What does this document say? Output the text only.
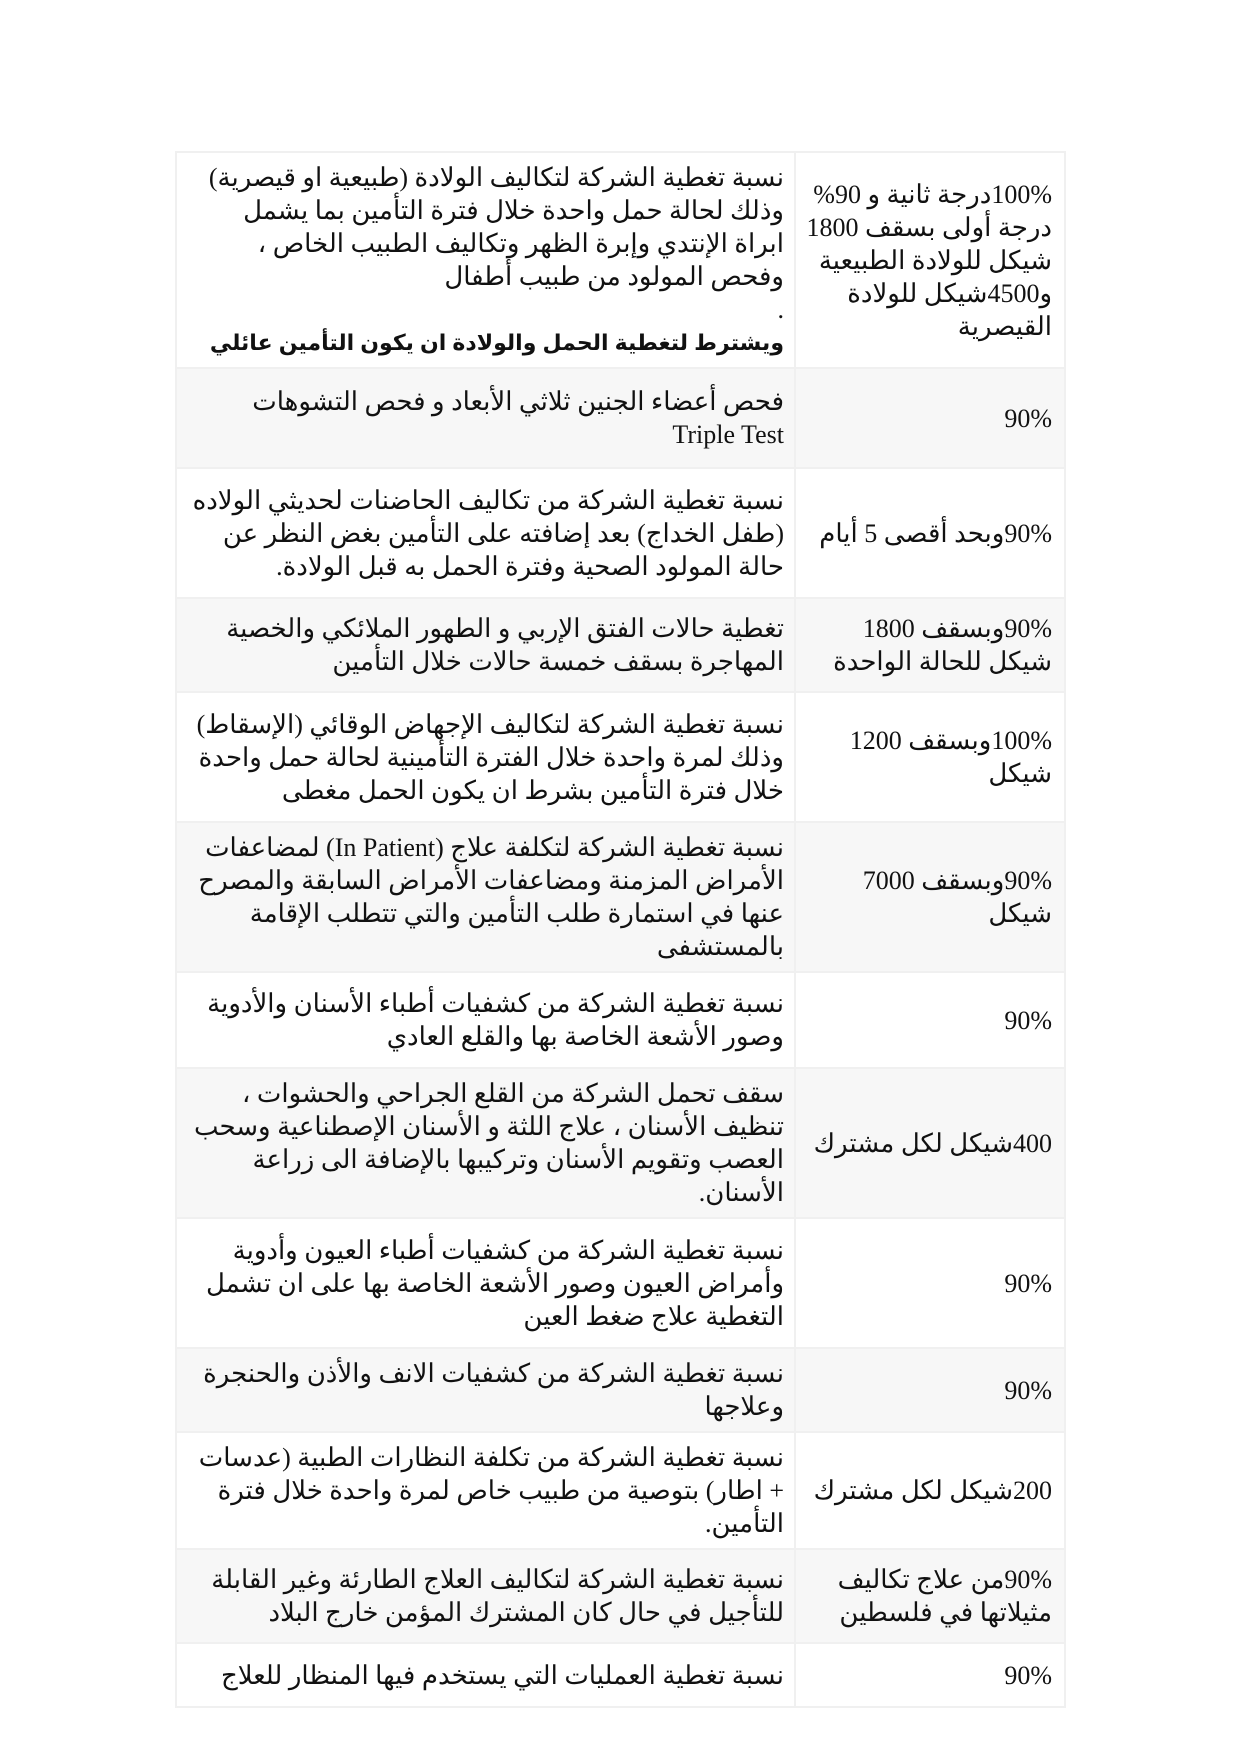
100%درجة ثانية و 90% درجة أولى بسقف 1800 شيكل للولادة الطبيعية و4500شيكل للولادة القيصرية	نسبة تغطية الشركة لتكاليف الولادة (طبيعية او قيصرية) وذلك لحالة حمل واحدة خلال فترة التأمين بما يشمل ابراة الإنتدي وإبرة الظهر وتكاليف الطبيب الخاص ، وفحص المولود من طبيب أطفال
.
ويشترط لتغطية الحمل والولادة ان يكون التأمين عائلي

90%	فحص أعضاء الجنين ثلاثي الأبعاد و فحص التشوهات Triple Test
90%وبحد أقصى 5 أيام	نسبة تغطية الشركة من تكاليف الحاضنات لحديثي الولاده (طفل الخداج) بعد إضافته على التأمين بغض النظر عن حالة المولود الصحية وفترة الحمل به قبل الولادة.
90%وبسقف 1800 شيكل للحالة الواحدة	تغطية حالات الفتق الإربي و الطهور الملائكي والخصية المهاجرة بسقف خمسة حالات خلال التأمين
100%وبسقف 1200 شيكل	نسبة تغطية الشركة لتكاليف الإجهاض الوقائي (الإسقاط) وذلك لمرة واحدة خلال الفترة التأمينية لحالة حمل واحدة خلال فترة التأمين بشرط ان يكون الحمل مغطى
90%وبسقف 7000 شيكل	نسبة تغطية الشركة لتكلفة علاج (In Patient) لمضاعفات الأمراض المزمنة ومضاعفات الأمراض السابقة والمصرح عنها في استمارة طلب التأمين والتي تتطلب الإقامة بالمستشفى
90%	نسبة تغطية الشركة من كشفيات أطباء الأسنان والأدوية وصور الأشعة الخاصة بها والقلع العادي
400شيكل لكل مشترك	سقف تحمل الشركة من القلع الجراحي والحشوات ، تنظيف الأسنان ، علاج اللثة و الأسنان الإصطناعية وسحب العصب وتقويم الأسنان وتركيبها بالإضافة الى زراعة الأسنان.
90%	نسبة تغطية الشركة من كشفيات أطباء العيون وأدوية وأمراض العيون وصور الأشعة الخاصة بها على ان تشمل التغطية علاج ضغط العين
90%	نسبة تغطية الشركة من كشفيات الانف والأذن والحنجرة وعلاجها
200شيكل لكل مشترك	نسبة تغطية الشركة من تكلفة النظارات الطبية (عدسات + اطار) بتوصية من طبيب خاص لمرة واحدة خلال فترة التأمين.
90%من علاج تكاليف مثيلاتها في فلسطين	نسبة تغطية الشركة لتكاليف العلاج الطارئة وغير القابلة للتأجيل في حال كان المشترك المؤمن خارج البلاد
90%	نسبة تغطية العمليات التي يستخدم فيها المنظار للعلاج
